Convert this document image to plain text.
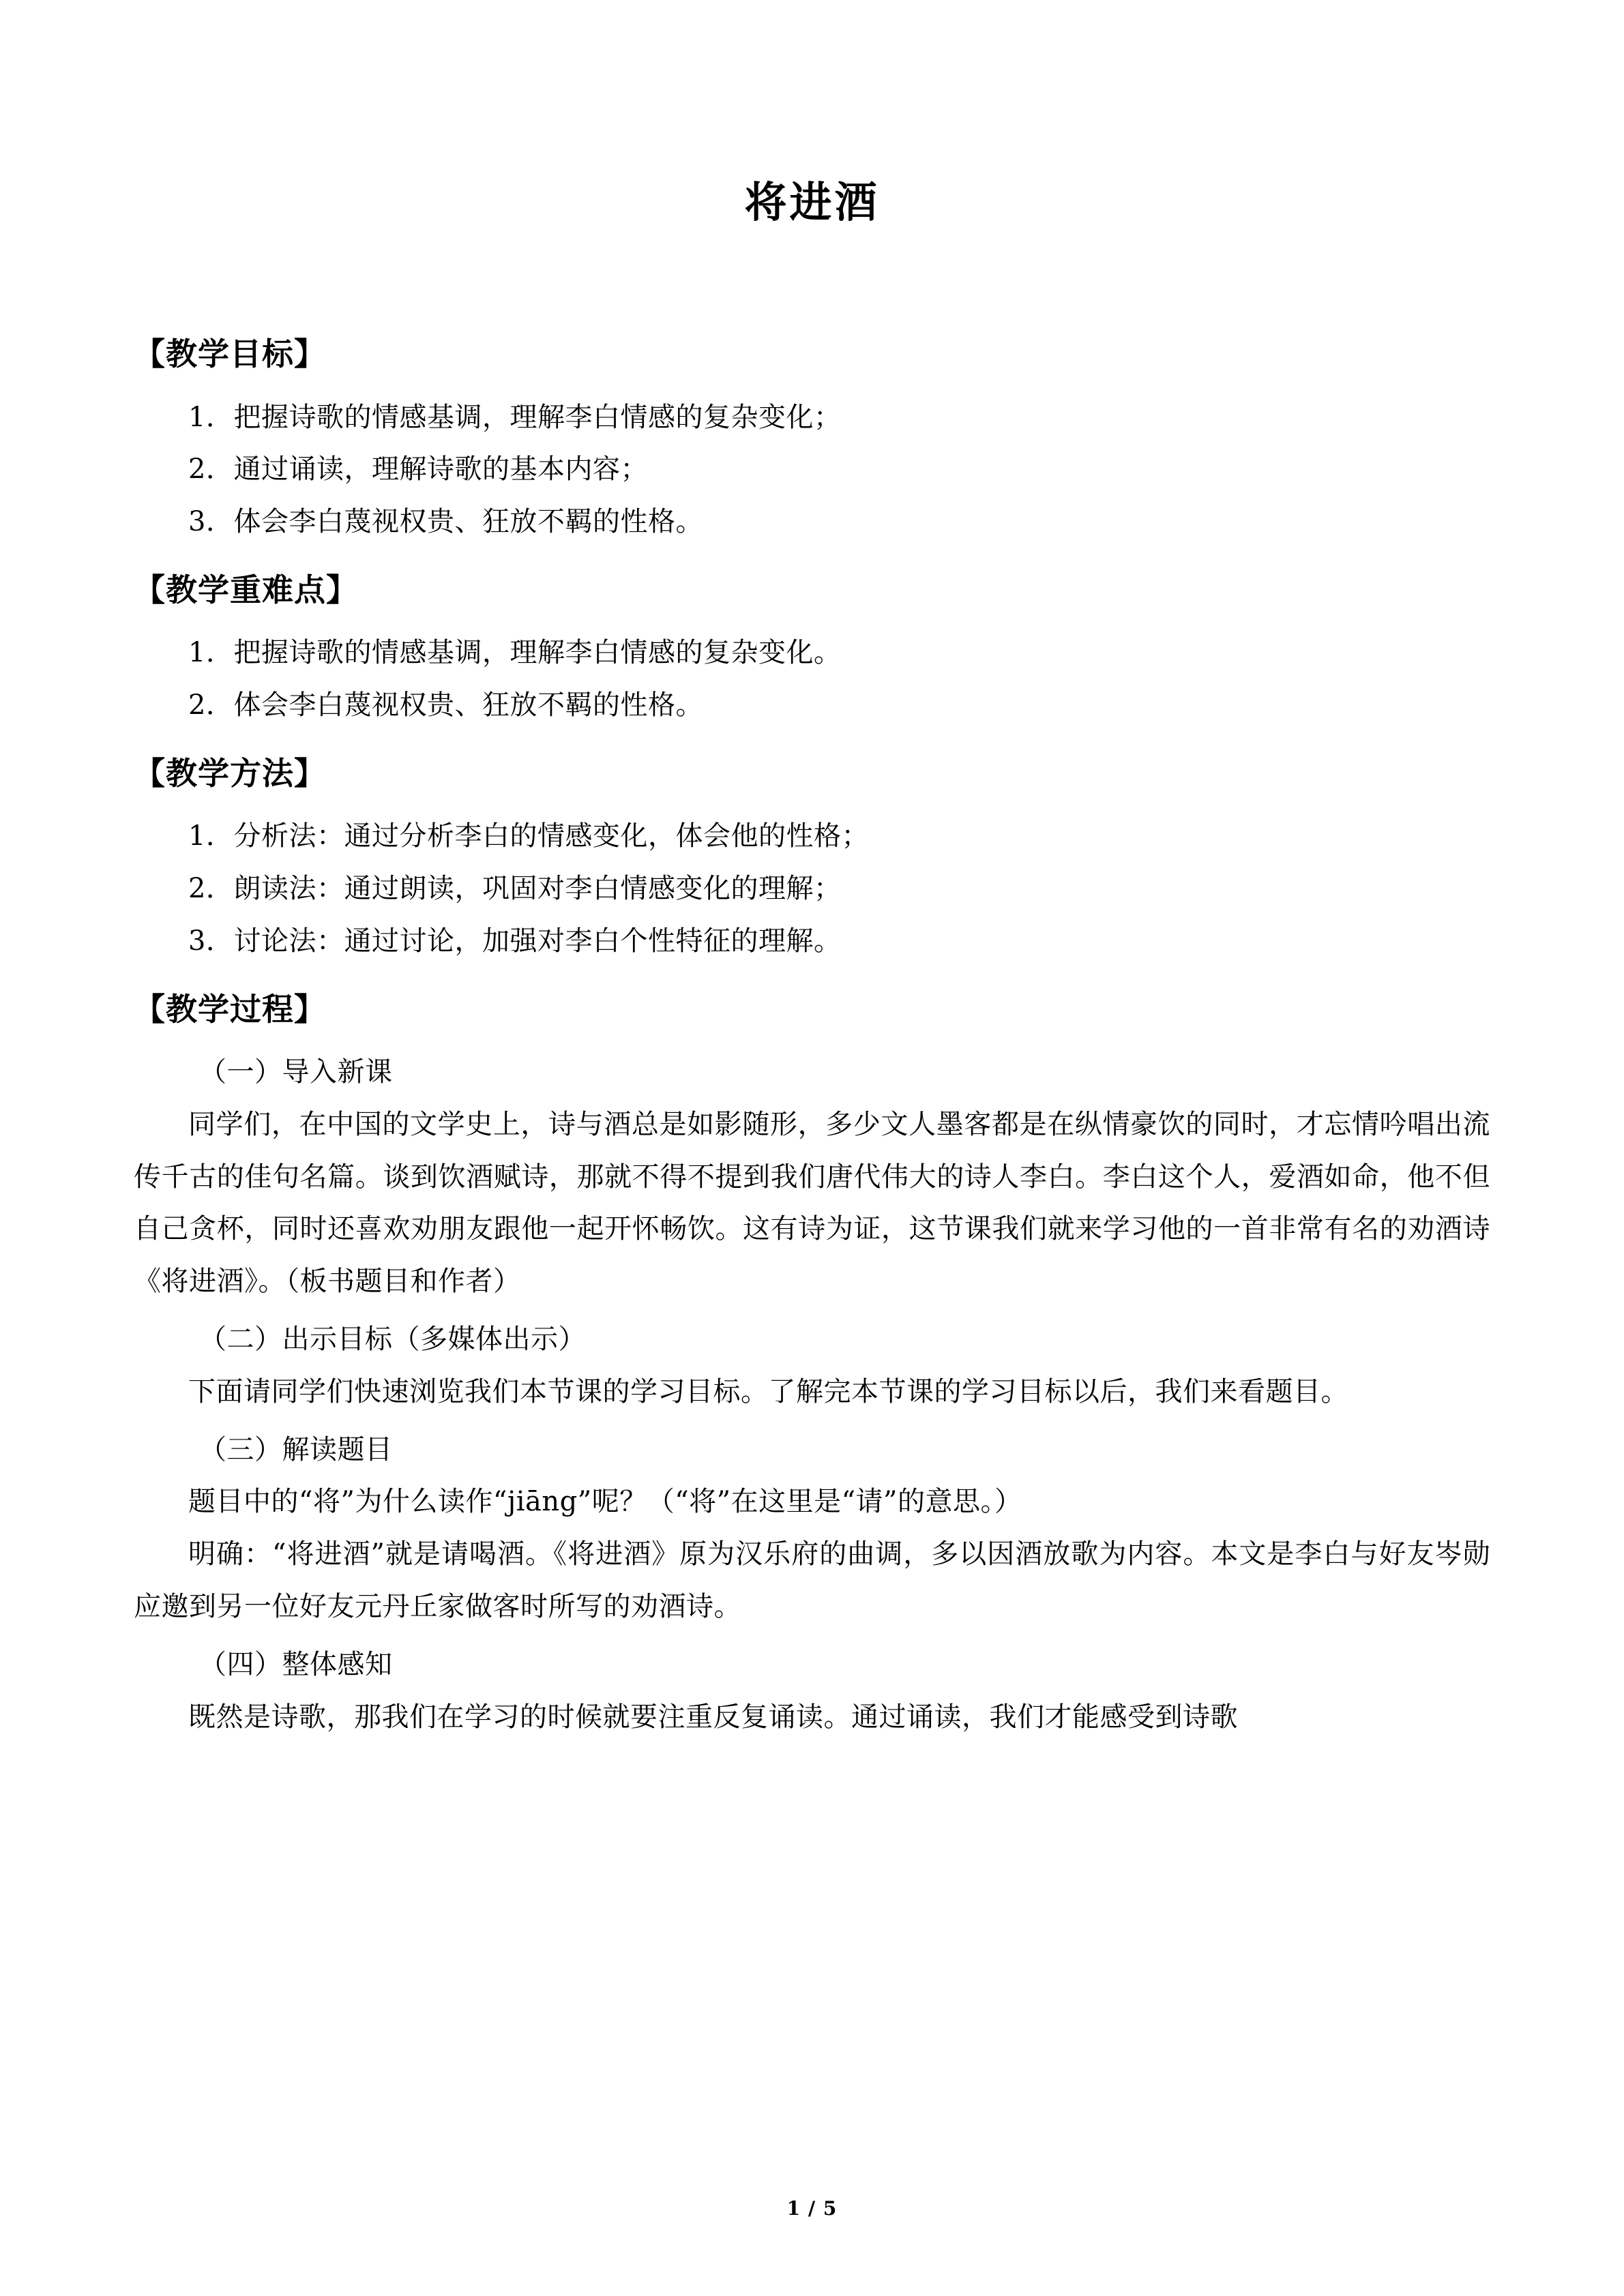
将进酒
【教学目标】
1．把握诗歌的情感基调，理解李白情感的复杂变化；
2．通过诵读，理解诗歌的基本内容；
3．体会李白蔑视权贵、狂放不羁的性格。
【教学重难点】
1．把握诗歌的情感基调，理解李白情感的复杂变化。
2．体会李白蔑视权贵、狂放不羁的性格。
【教学方法】
1．分析法：通过分析李白的情感变化，体会他的性格；
2．朗读法：通过朗读，巩固对李白情感变化的理解；
3．讨论法：通过讨论，加强对李白个性特征的理解。
【教学过程】

（一）导入新课

同学们，在中国的文学史上，诗与酒总是如影随形，多少文人墨客都是在纵情豪饮的同时，才忘情吟唱出流传千古的佳句名篇。谈到饮酒赋诗，那就不得不提到我们唐代伟大的诗人李白。李白这个人，爱酒如命，他不但自己贪杯，同时还喜欢劝朋友跟他一起开怀畅饮。这有诗为证，这节课我们就来学习他的一首非常有名的劝酒诗《将进酒》。（板书题目和作者）

（二）出示目标（多媒体出示）

下面请同学们快速浏览我们本节课的学习目标。了解完本节课的学习目标以后，我们来看题目。

（三）解读题目

题目中的“将”为什么读作“jiāng”呢？（“将”在这里是“请”的意思。）

明确：“将进酒”就是请喝酒。《将进酒》原为汉乐府的曲调，多以因酒放歌为内容。本文是李白与好友岑勋应邀到另一位好友元丹丘家做客时所写的劝酒诗。

（四）整体感知

既然是诗歌，那我们在学习的时候就要注重反复诵读。通过诵读，我们才能感受到诗歌

1 / 5
